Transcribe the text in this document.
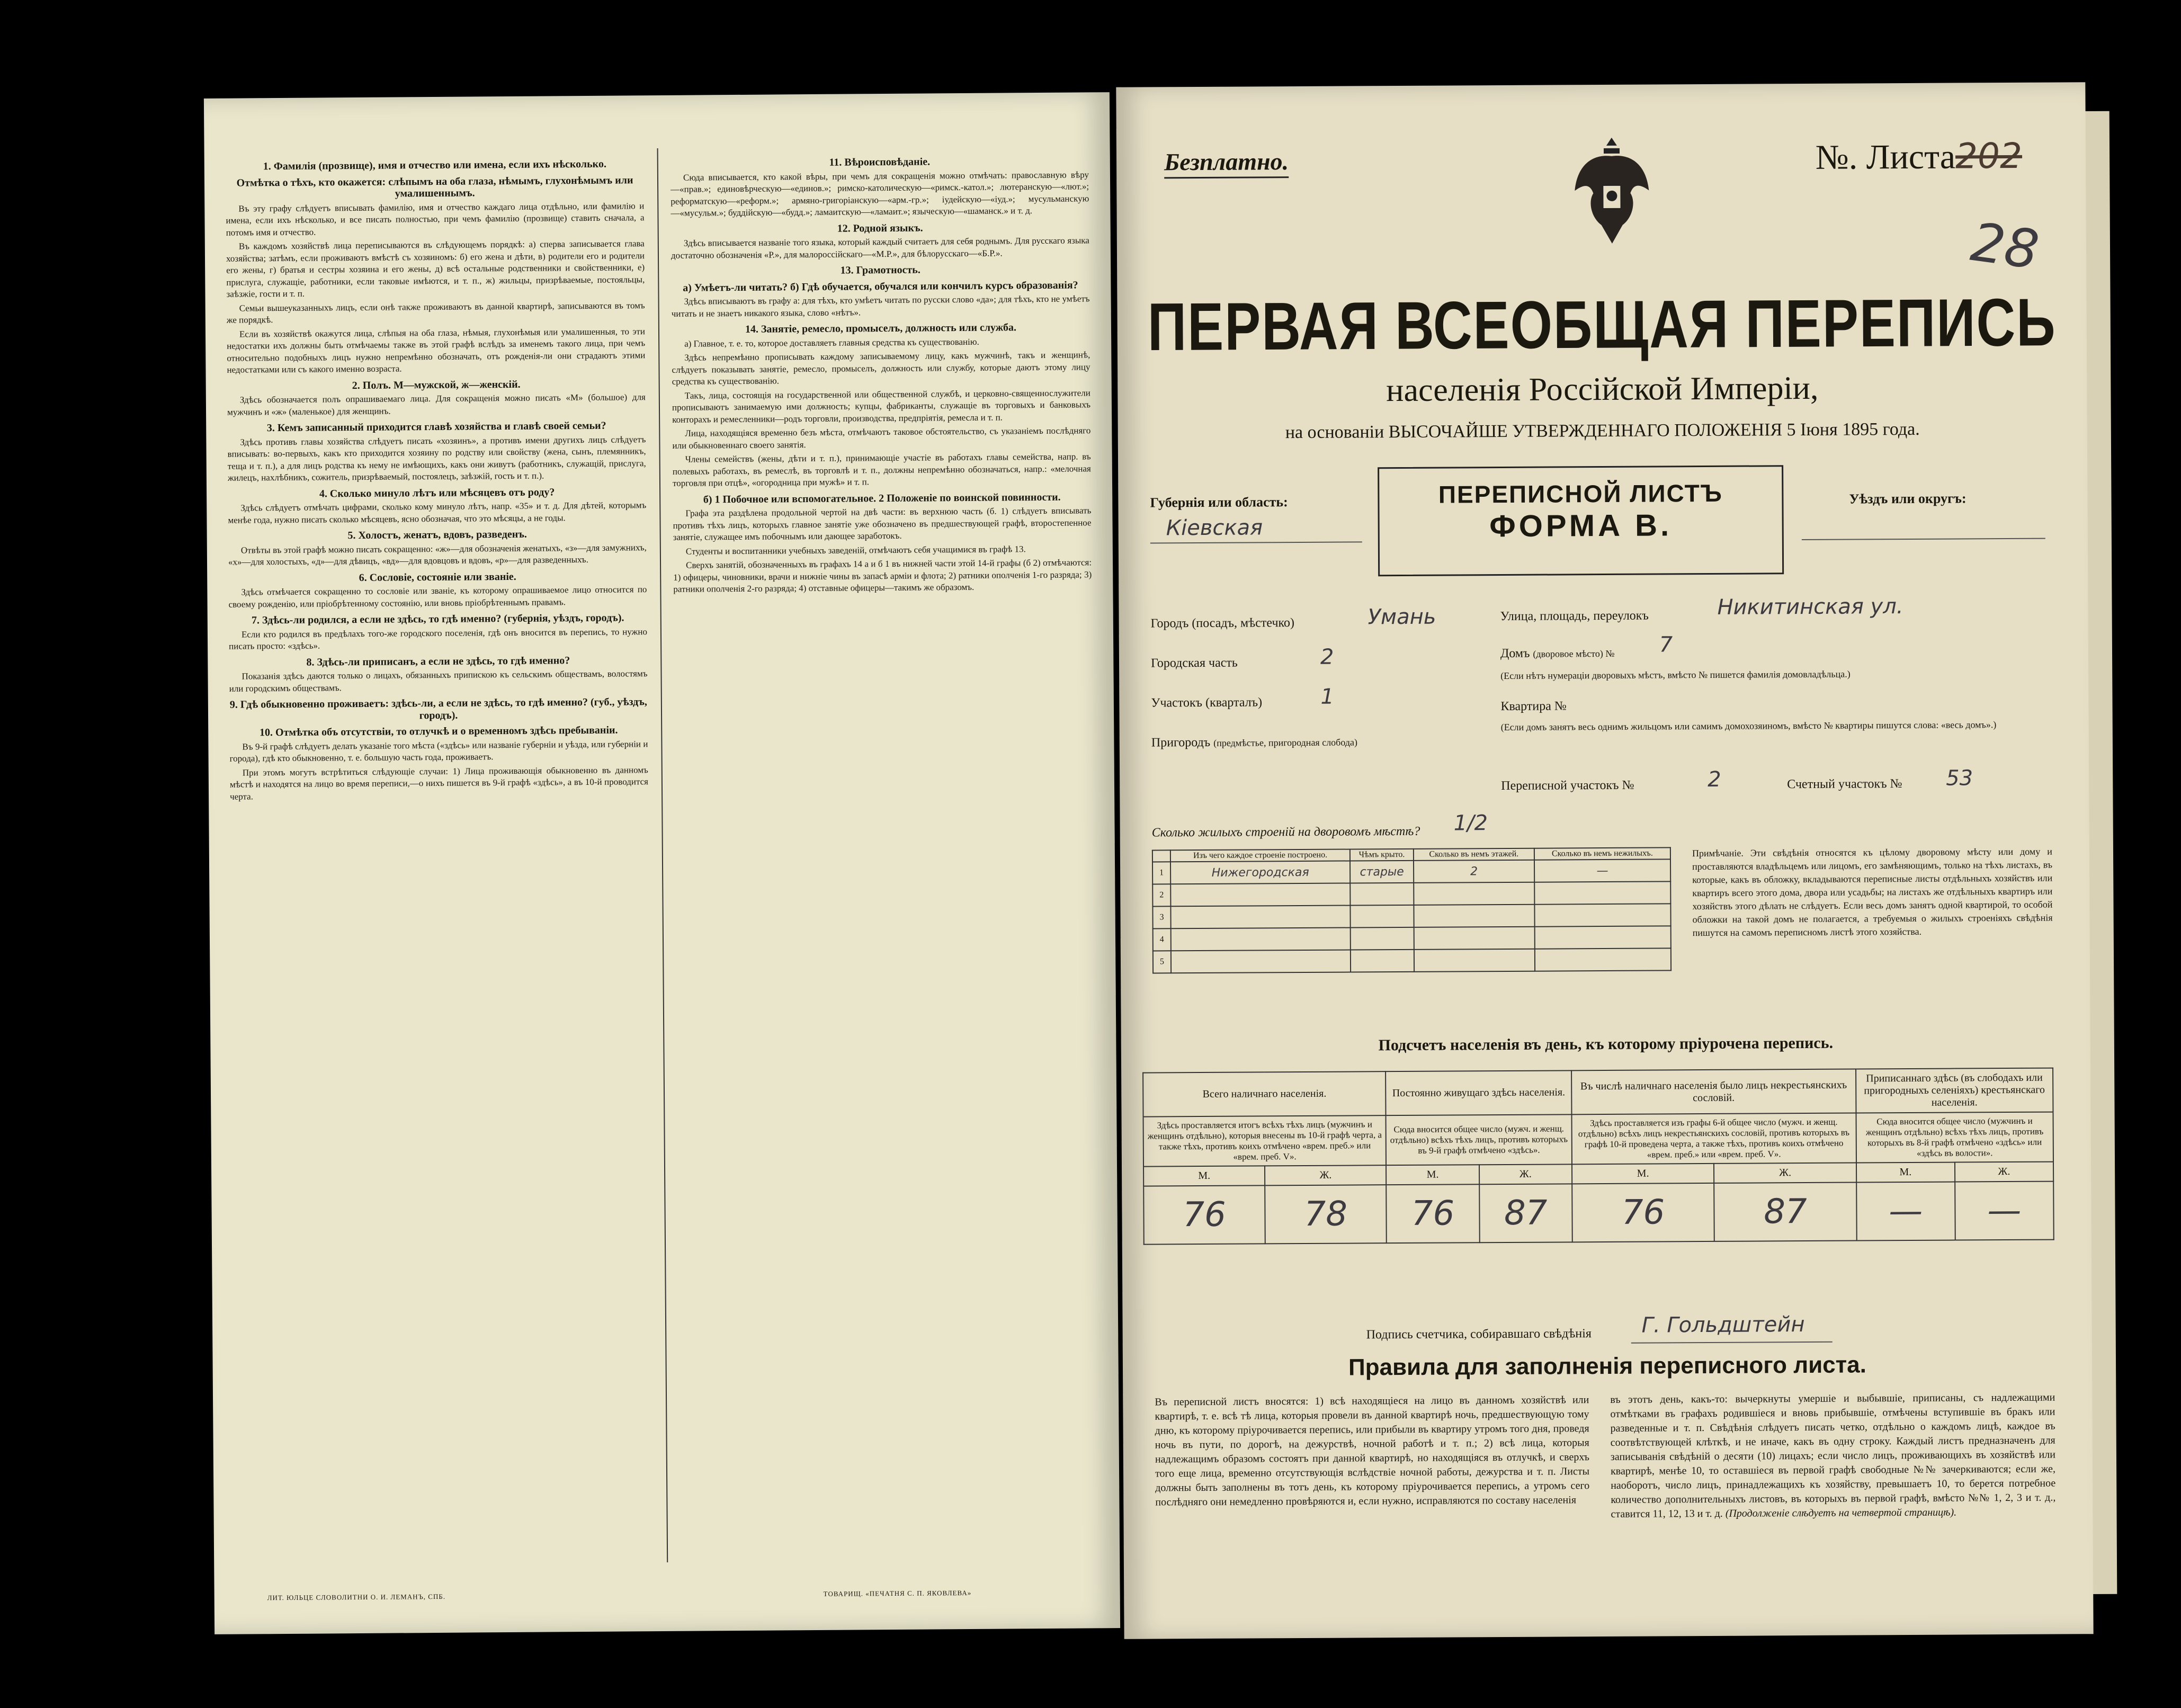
1. Фамилія (прозвище), имя и отчество или имена, если ихъ нѣсколько.
Отмѣтка о тѣхъ, кто окажется: слѣпымъ на оба глаза, нѣмымъ, глухонѣмымъ или умалишеннымъ.

Въ эту графу слѣдуетъ вписывать фамилію, имя и отчество каждаго лица отдѣльно, или фамилію и имена, если ихъ нѣсколько, и все писать полностью, при чемъ фамилію (прозвище) ставить сначала, а потомъ имя и отчество.

Въ каждомъ хозяйствѣ лица переписываются въ слѣдующемъ порядкѣ: а) сперва записывается глава хозяйства; затѣмъ, если проживаютъ вмѣстѣ съ хозяиномъ: б) его жена и дѣти, в) родители его и родители его жены, г) братья и сестры хозяина и его жены, д) всѣ остальные родственники и свойственники, е) прислуга, служащіе, работники, если таковые имѣются, и т. п., ж) жильцы, призрѣваемые, постояльцы, заѣзжіе, гости и т. п.

Семьи вышеуказанныхъ лицъ, если онѣ также проживаютъ въ данной квартирѣ, записываются въ томъ же порядкѣ.

Если въ хозяйствѣ окажутся лица, слѣпыя на оба глаза, нѣмыя, глухонѣмыя или умалишенныя, то эти недостатки ихъ должны быть отмѣчаемы также въ этой графѣ вслѣдъ за именемъ такого лица, при чемъ относительно подобныхъ лицъ нужно непремѣнно обозначать, отъ рожденія-ли они страдаютъ этими недостатками или съ какого именно возраста.

2. Полъ. М—мужской, ж—женскій.

Здѣсь обозначается полъ опрашиваемаго лица. Для сокращенія можно писать «М» (большое) для мужчинъ и «ж» (маленькое) для женщинъ.

3. Кемъ записанный приходится главѣ хозяйства и главѣ своей семьи?

Здѣсь противъ главы хозяйства слѣдуетъ писать «хозяинъ», а противъ имени другихъ лицъ слѣдуетъ вписывать: во-первыхъ, какъ кто приходится хозяину по родству или свойству (жена, сынъ, племянникъ, теща и т. п.), а для лицъ родства къ нему не имѣющихъ, какъ они живутъ (работникъ, служащій, прислуга, жилецъ, нахлѣбникъ, сожитель, призрѣваемый, постоялецъ, заѣзжій, гость и т. п.).

4. Сколько минуло лѣтъ или мѣсяцевъ отъ роду?

Здѣсь слѣдуетъ отмѣчать цифрами, сколько кому минуло лѣтъ, напр. «35» и т. д. Для дѣтей, которымъ менѣе года, нужно писать сколько мѣсяцевъ, ясно обозначая, что это мѣсяцы, а не годы.

5. Холостъ, женатъ, вдовъ, разведенъ.

Отвѣты въ этой графѣ можно писать сокращенно: «ж»—для обозначенія женатыхъ, «з»—для замужнихъ, «х»—для холостыхъ, «д»—для дѣвицъ, «вд»—для вдовцовъ и вдовъ, «р»—для разведенныхъ.

6. Сословіе, состояніе или званіе.

Здѣсь отмѣчается сокращенно то сословіе или званіе, къ которому опрашиваемое лицо относится по своему рожденію, или пріобрѣтенному состоянію, или вновь пріобрѣтеннымъ правамъ.

7. Здѣсь-ли родился, а если не здѣсь, то гдѣ именно? (губернія, уѣздъ, городъ).

Если кто родился въ предѣлахъ того-же городского поселенія, гдѣ онъ вносится въ перепись, то нужно писать просто: «здѣсь».

8. Здѣсь-ли приписанъ, а если не здѣсь, то гдѣ именно?

Показанія здѣсь даются только о лицахъ, обязанныхъ припискою къ сельскимъ обществамъ, волостямъ или городскимъ обществамъ.

9. Гдѣ обыкновенно проживаетъ: здѣсь-ли, а если не здѣсь, то гдѣ именно? (губ., уѣздъ, городъ).
10. Отмѣтка объ отсутствіи, то отлучкѣ и о временномъ здѣсь пребываніи.

Въ 9-й графѣ слѣдуетъ делать указаніе того мѣста («здѣсь» или названіе губерніи и уѣзда, или губерніи и города), гдѣ кто обыкновенно, т. е. большую часть года, проживаетъ.

При этомъ могутъ встрѣтиться слѣдующіе случаи: 1) Лица проживающія обыкновенно въ данномъ мѣстѣ и находятся на лицо во время переписи,—о нихъ пишется въ 9-й графѣ «здѣсь», а въ 10-й проводится черта.

11. Вѣроисповѣданіе.

Сюда вписывается, кто какой вѣры, при чемъ для сокращенія можно отмѣчать: православную вѣру—«прав.»; единовѣрческую—«единов.»; римско-католическую—«римск.-катол.»; лютеранскую—«лют.»; реформатскую—«реформ.»; армяно-григоріанскую—«арм.-гр.»; іудейскую—«іуд.»; мусульманскую—«мусульм.»; буддійскую—«будд.»; ламаитскую—«ламаит.»; языческую—«шаманск.» и т. д.

12. Родной языкъ.

Здѣсь вписывается названіе того языка, который каждый считаетъ для себя роднымъ. Для русскаго языка достаточно обозначенія «Р.», для малороссійскаго—«М.Р.», для бѣлорусскаго—«Б.Р.».

13. Грамотность.
а) Умѣетъ-ли читать? б) Гдѣ обучается, обучался или кончилъ курсъ образованія?

Здѣсь вписываютъ въ графу а: для тѣхъ, кто умѣетъ читать по русски слово «да»; для тѣхъ, кто не умѣетъ читать и не знаетъ никакого языка, слово «нѣтъ».

14. Занятіе, ремесло, промыселъ, должность или служба.

а) Главное, т. е. то, которое доставляетъ главныя средства къ существованію.

Здѣсь непремѣнно прописывать каждому записываемому лицу, какъ мужчинѣ, такъ и женщинѣ, слѣдуетъ показывать занятіе, ремесло, промыселъ, должность или службу, которые даютъ этому лицу средства къ существованію.

Такъ, лица, состоящія на государственной или общественной службѣ, и церковно-священнослужители прописываютъ занимаемую ими должность; купцы, фабриканты, служащіе въ торговыхъ и банковыхъ конторахъ и ремесленники—родъ торговли, производства, предпріятія, ремесла и т. п.

Лица, находящіяся временно безъ мѣста, отмѣчаютъ таковое обстоятельство, съ указаніемъ послѣдняго или обыкновеннаго своего занятія.

Члены семействъ (жены, дѣти и т. п.), принимающіе участіе въ работахъ главы семейства, напр. въ полевыхъ работахъ, въ ремеслѣ, въ торговлѣ и т. п., должны непремѣнно обозначаться, напр.: «мелочная торговля при отцѣ», «огородница при мужѣ» и т. п.

б) 1 Побочное или вспомогательное. 2 Положеніе по воинской повинности.

Графа эта раздѣлена продольной чертой на двѣ части: въ верхнюю часть (б. 1) слѣдуетъ вписывать противъ тѣхъ лицъ, которыхъ главное занятіе уже обозначено въ предшествующей графѣ, второстепенное занятіе, служащее имъ побочнымъ или дающее заработокъ.

Студенты и воспитанники учебныхъ заведеній, отмѣчаютъ себя учащимися въ графѣ 13.

Сверхъ занятій, обозначенныхъ въ графахъ 14 а и б 1 въ нижней части этой 14-й графы (б 2) отмѣчаются: 1) офицеры, чиновники, врачи и нижніе чины въ запасѣ арміи и флота; 2) ратники ополченія 1-го разряда; 3) ратники ополченія 2-го разряда; 4) отставные офицеры—такимъ же образомъ.

ЛИТ. ЮЛЬЦЕ СЛОВОЛИТНИ О. И. ЛЕМАНЪ, СПБ.	ТОВАРИЩ. «ПЕЧАТНЯ С. П. ЯКОВЛЕВА»
Безплатно.	№. Листа202
28
ПЕРВАЯ ВСЕОБЩАЯ ПЕРЕПИСЬ
населенія Россійской Имперіи,
на основаніи ВЫСОЧАЙШЕ УТВЕРЖДЕННАГО ПОЛОЖЕНІЯ 5 Іюня 1895 года.
ПЕРЕПИСНОЙ ЛИСТЪ
ФОРМА В.
Губернія или область:
Кіевская
Уѣздъ или округъ:
Городъ (посадъ, мѣстечко)	Умань
Городская часть	2
Участокъ (кварталъ)	1
Пригородъ (предмѣстье, пригородная слобода)
Улица, площадь, переулокъ	Никитинская ул.
Домъ (дворовое мѣсто) № 7
(Если нѣтъ нумераціи дворовыхъ мѣстъ, вмѣсто № пишется фамилія домовладѣльца.)
Квартира №
(Если домъ занятъ весь однимъ жильцомъ или самимъ домохозяиномъ, вмѣсто № квартиры пишутся слова: «весь домъ».)
Переписной участокъ №	2	Счетный участокъ № 53
Сколько жилыхъ строеній на дворовомъ мѣстѣ? 1/2
	Изъ чего каждое строеніе построено.	Чѣмъ крыто.	Сколько въ немъ этажей.	Сколько въ немъ нежилыхъ.
1	Нижегородская	старые	2	—
2				
3				
4				
5				
Примѣчаніе. Эти свѣдѣнія относятся къ цѣлому дворовому мѣсту или дому и проставляются владѣльцемъ или лицомъ, его замѣняющимъ, только на тѣхъ листахъ, въ которые, какъ въ обложку, вкладываются переписные листы отдѣльныхъ хозяйствъ или квартиръ всего этого дома, двора или усадьбы; на листахъ же отдѣльныхъ квартиръ или хозяйствъ этого дѣлать не слѣдуетъ. Если весь домъ занятъ одной квартирой, то особой обложки на такой домъ не полагается, а требуемыя о жилыхъ строеніяхъ свѣдѣнія пишутся на самомъ переписномъ листѣ этого хозяйства.
Подсчетъ населенія въ день, къ которому пріурочена перепись.
Всего наличнаго населенія.		Постоянно живущаго здѣсь населенія.		Въ числѣ наличнаго населенія было лицъ некрестьянскихъ сословій.		Приписаннаго здѣсь (въ слободахъ или пригородныхъ селеніяхъ) крестьянскаго населенія.	
Здѣсь проставляется итогъ всѣхъ тѣхъ лицъ (мужчинъ и женщинъ отдѣльно), которыя внесены въ 10-й графѣ черта, а также тѣхъ, противъ коихъ отмѣчено «врем. преб.» или «врем. преб. V».		Сюда вносится общее число (мужч. и женщ. отдѣльно) всѣхъ тѣхъ лицъ, противъ которыхъ въ 9-й графѣ отмѣчено «здѣсь».		Здѣсь проставляется изъ графы 6-й общее число (мужч. и женщ. отдѣльно) всѣхъ лицъ некрестьянскихъ сословій, противъ которыхъ въ графѣ 10-й проведена черта, а также тѣхъ, противъ коихъ отмѣчено «врем. преб.» или «врем. преб. V».		Сюда вносится общее число (мужчинъ и женщинъ отдѣльно) всѣхъ тѣхъ лицъ, противъ которыхъ въ 8-й графѣ отмѣчено «здѣсь» или «здѣсь въ волости».	
М.	Ж.	М.	Ж.	М.	Ж.	М.	Ж.
76	78	76	87	76	87	—	—
Подпись счетчика, собиравшаго свѣдѣнія Г. Гольдштейн
Правила для заполненія переписного листа.
Въ переписной листъ вносятся: 1) всѣ находящіеся на лицо въ данномъ хозяйствѣ или квартирѣ, т. е. всѣ тѣ лица, которыя провели въ данной квартирѣ ночь, предшествующую тому дню, къ которому пріурочивается перепись, или прибыли въ квартиру утромъ того дня, проведя ночь въ пути, по дорогѣ, на дежурствѣ, ночной работѣ и т. п.; 2) всѣ лица, которыя надлежащимъ образомъ состоятъ при данной квартирѣ, но находящіяся въ отлучкѣ, и сверхъ того еще лица, временно отсутствующія вслѣдствіе ночной работы, дежурства и т. п. Листы должны быть заполнены въ тотъ день, къ которому пріурочивается перепись, а утромъ сего послѣдняго они немедленно провѣряются и, если нужно, исправляются по составу населенія
въ этотъ день, какъ-то: вычеркнуты умершіе и выбывшіе, приписаны, съ надлежащими отмѣтками въ графахъ родившіеся и вновь прибывшіе, отмѣчены вступившіе въ бракъ или разведенные и т. п. Свѣдѣнія слѣдуетъ писать четко, отдѣльно о каждомъ лицѣ, каждое въ соотвѣтствующей клѣткѣ, и не иначе, какъ въ одну строку. Каждый листъ предназначенъ для записыванія свѣдѣній о десяти (10) лицахъ; если число лицъ, проживающихъ въ хозяйствѣ или квартирѣ, менѣе 10, то оставшіеся въ первой графѣ свободные №№ зачеркиваются; если же, наоборотъ, число лицъ, принадлежащихъ къ хозяйству, превышаетъ 10, то берется потребное количество дополнительныхъ листовъ, въ которыхъ въ первой графѣ, вмѣсто №№ 1, 2, 3 и т. д., ставится 11, 12, 13 и т. д. (Продолженіе слѣдуетъ на четвертой страницѣ).
